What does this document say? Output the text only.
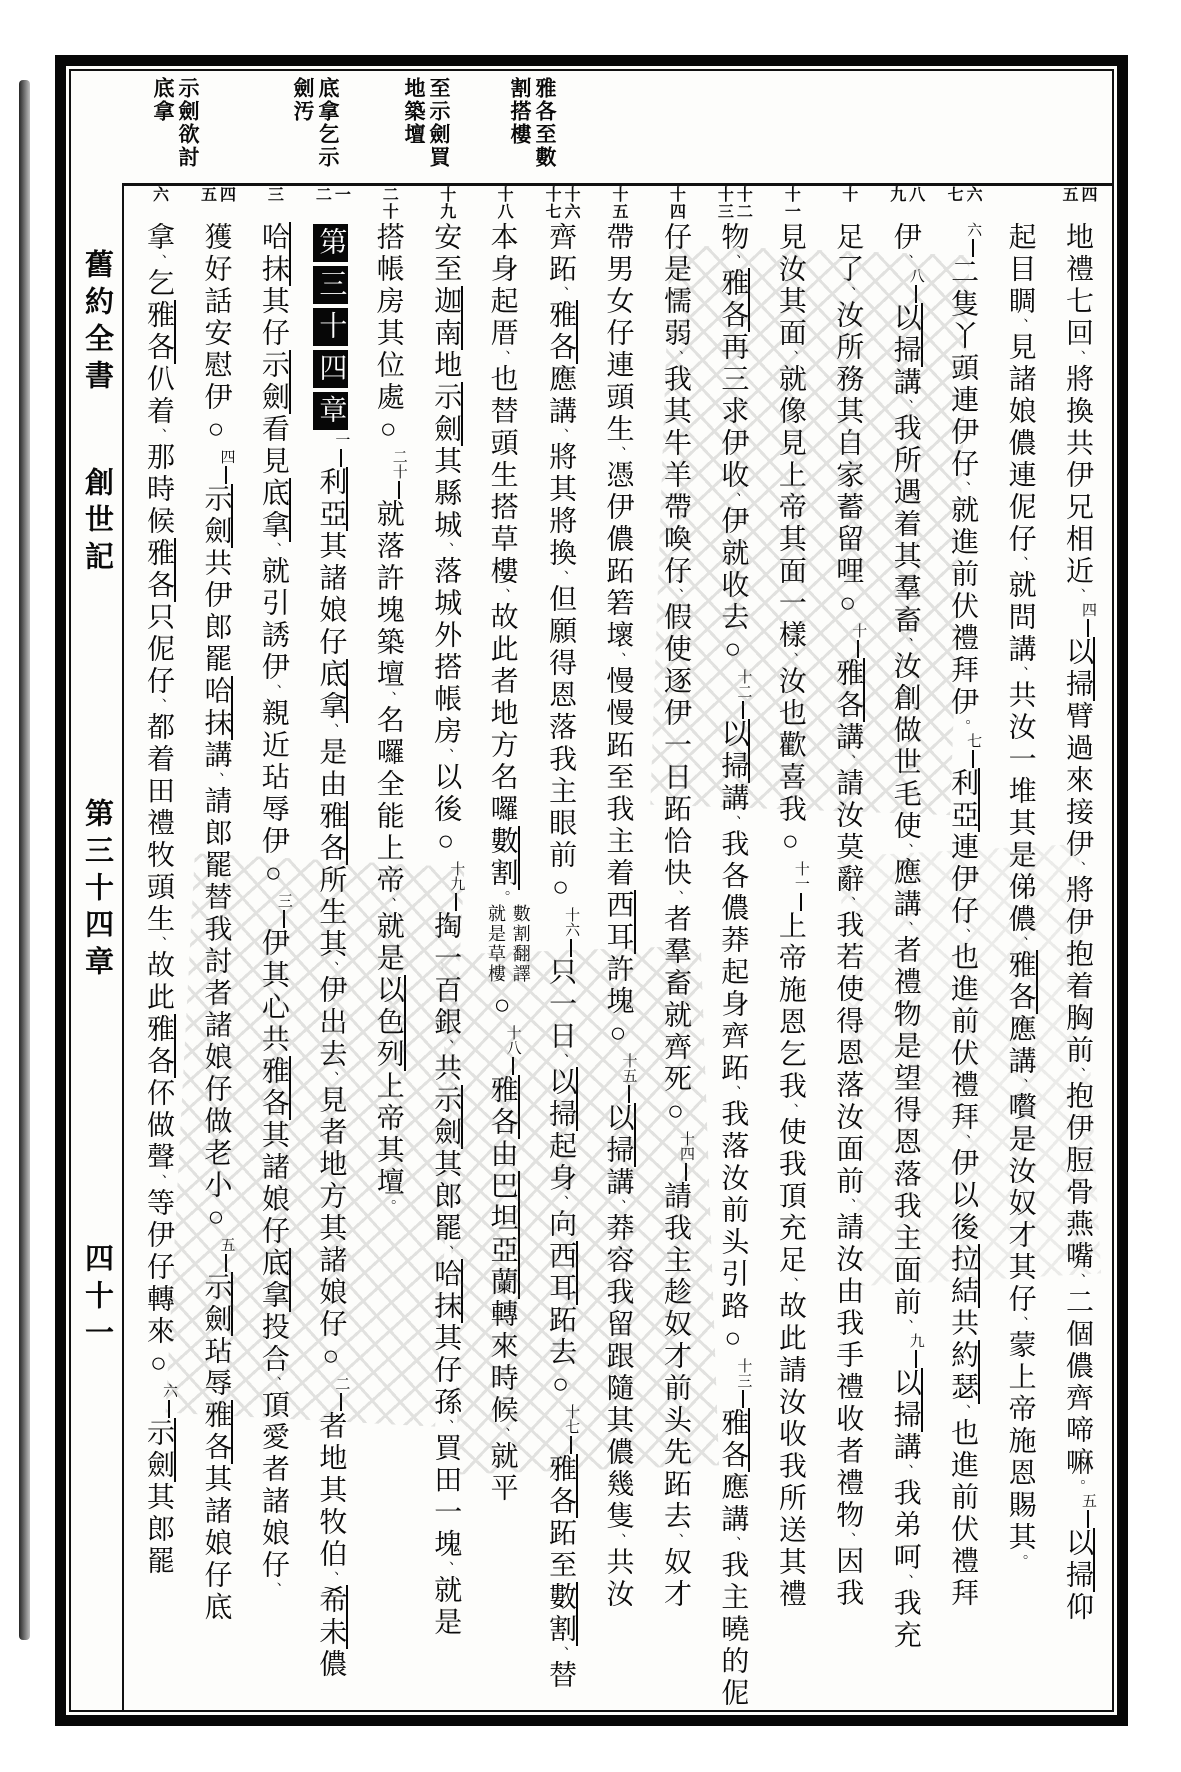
雅各至數
割搭樓
至示劍買
地築壇
底拿乞示
劍汚
示劍欲討
底拿
舊約全書
創世記
第三十四章
四十一
四
五
地禮七回、將換共伊兄相近、四以掃臂過來接伊、將伊抱着胸前、抱伊脰骨燕嘴、二個儂齊啼嘛。五以掃仰
起目睭、見諸娘儂連伲仔、就問講、共汝一堆其是俤儂、雅各應講、嚽是汝奴才其仔、蒙上帝施恩賜其。
六
七
六二隻丫頭連伊仔、就進前伏禮拜伊。七利亞連伊仔、也進前伏禮拜、伊以後拉結共約瑟、也進前伏禮拜
八
九
伊、八以掃講、我所遇着其羣畜、汝創做世毛使、應講、者禮物是望得恩落我主面前、九以掃講、我弟呵、我充
十
足了、汝所務其自家蓄留哩○十雅各講、請汝莫辭、我若使得恩落汝面前、請汝由我手禮收者禮物、因我
十一
見汝其面、就像見上帝其面一樣、汝也歡喜我○十一上帝施恩乞我、使我頂充足、故此請汝收我所送其禮
十二
十三
物、雅各再三求伊收、伊就收去○十二以掃講、我各儂莽起身齊跖、我落汝前头引路○十三雅各應講、我主曉的伲
十四
仔是懦弱、我其牛羊帶喚仔、假使逐伊一日跖恰快、者羣畜就齊死○十四請我主趁奴才前头先跖去、奴才
十五
帶男女仔連頭生、憑伊儂跖箬壞、慢慢跖至我主着西耳許塊○十五以掃講、莽容我留跟隨其儂幾隻、共汝
十六
十七
齊跖、雅各應講、將其將換、但願得恩落我主眼前○十六只一日、以掃起身、向西耳跖去○十七雅各跖至數割、替
十八
本身起厝、也替頭生搭草樓、故此者地方名囉數割。數割翻譯就是草樓○十八雅各由巴坦亞蘭轉來時候、就平
十九
安至迦南地示劍其縣城、落城外搭帳房、以後○十九掏一百銀、共示劍其郎罷、哈抹其仔孫、買田一塊、就是
二十
搭帳房其位處○二十就落許塊築壇、名囉全能上帝、就是以色列上帝其壇。
一
二
第三十四章一利亞其諸娘仔底拿、是由雅各所生其、伊出去、見者地方其諸娘仔○二者地其牧伯、希未儂
三
哈抹其仔示劍看見底拿、就引誘伊、親近玷辱伊○三伊其心共雅各其諸娘仔底拿投合、頂愛者諸娘仔、
四
五
獲好話安慰伊○四示劍共伊郎罷哈抹講、請郎罷替我討者諸娘仔做老小○五示劍玷辱雅各其諸娘仔底
六
拿、乞雅各仈着、那時候雅各只伲仔、都着田禮牧頭生、故此雅各伓做聲、等伊仔轉來○六示劍其郎罷
